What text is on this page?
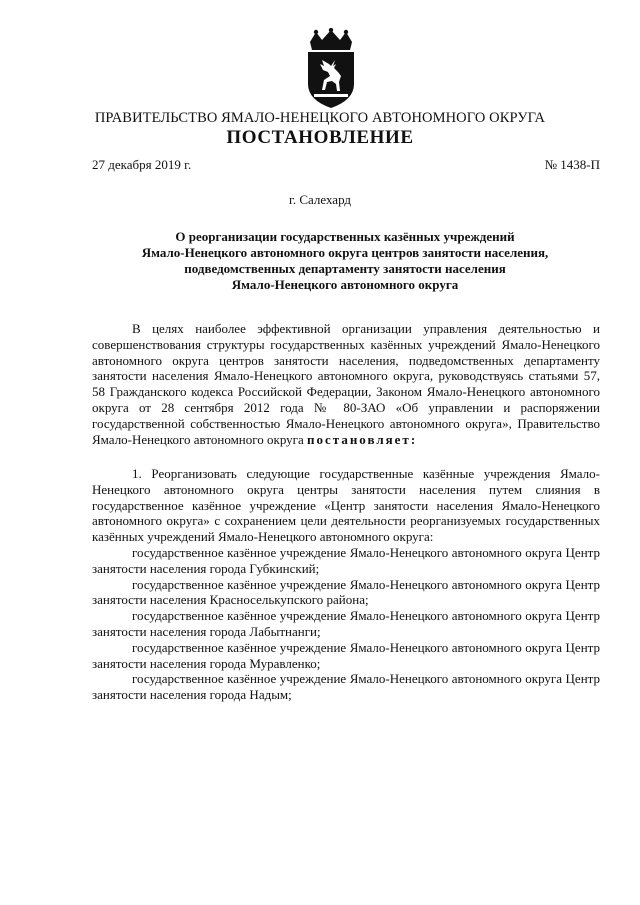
ПРАВИТЕЛЬСТВО ЯМАЛО-НЕНЕЦКОГО АВТОНОМНОГО ОКРУГА
ПОСТАНОВЛЕНИЕ
27 декабря 2019 г.	№ 1438-П
г. Салехард
О реорганизации государственных казённых учреждений
Ямало-Ненецкого автономного округа центров занятости населения,
подведомственных департаменту занятости населения
Ямало-Ненецкого автономного округа

В целях наиболее эффективной организации управления деятельностью и совершенствования структуры государственных казённых учреждений Ямало-Ненецкого автономного округа центров занятости населения, подведомственных департаменту занятости населения Ямало-Ненецкого автономного округа, руководствуясь статьями 57, 58 Гражданского кодекса Российской Федерации, Законом Ямало-Ненецкого автономного округа от 28 сентября 2012 года № 80-ЗАО «Об управлении и распоряжении государственной собственностью Ямало-Ненецкого автономного округа», Правительство Ямало-Ненецкого автономного округа постановляет:

1. Реорганизовать следующие государственные казённые учреждения Ямало-Ненецкого автономного округа центры занятости населения путем слияния в государственное казённое учреждение «Центр занятости населения Ямало-Ненецкого автономного округа» с сохранением цели деятельности реорганизуемых государственных казённых учреждений Ямало-Ненецкого автономного округа:

государственное казённое учреждение Ямало-Ненецкого автономного округа Центр занятости населения города Губкинский;

государственное казённое учреждение Ямало-Ненецкого автономного округа Центр занятости населения Красноселькупского района;

государственное казённое учреждение Ямало-Ненецкого автономного округа Центр занятости населения города Лабытнанги;

государственное казённое учреждение Ямало-Ненецкого автономного округа Центр занятости населения города Муравленко;

государственное казённое учреждение Ямало-Ненецкого автономного округа Центр занятости населения города Надым;
